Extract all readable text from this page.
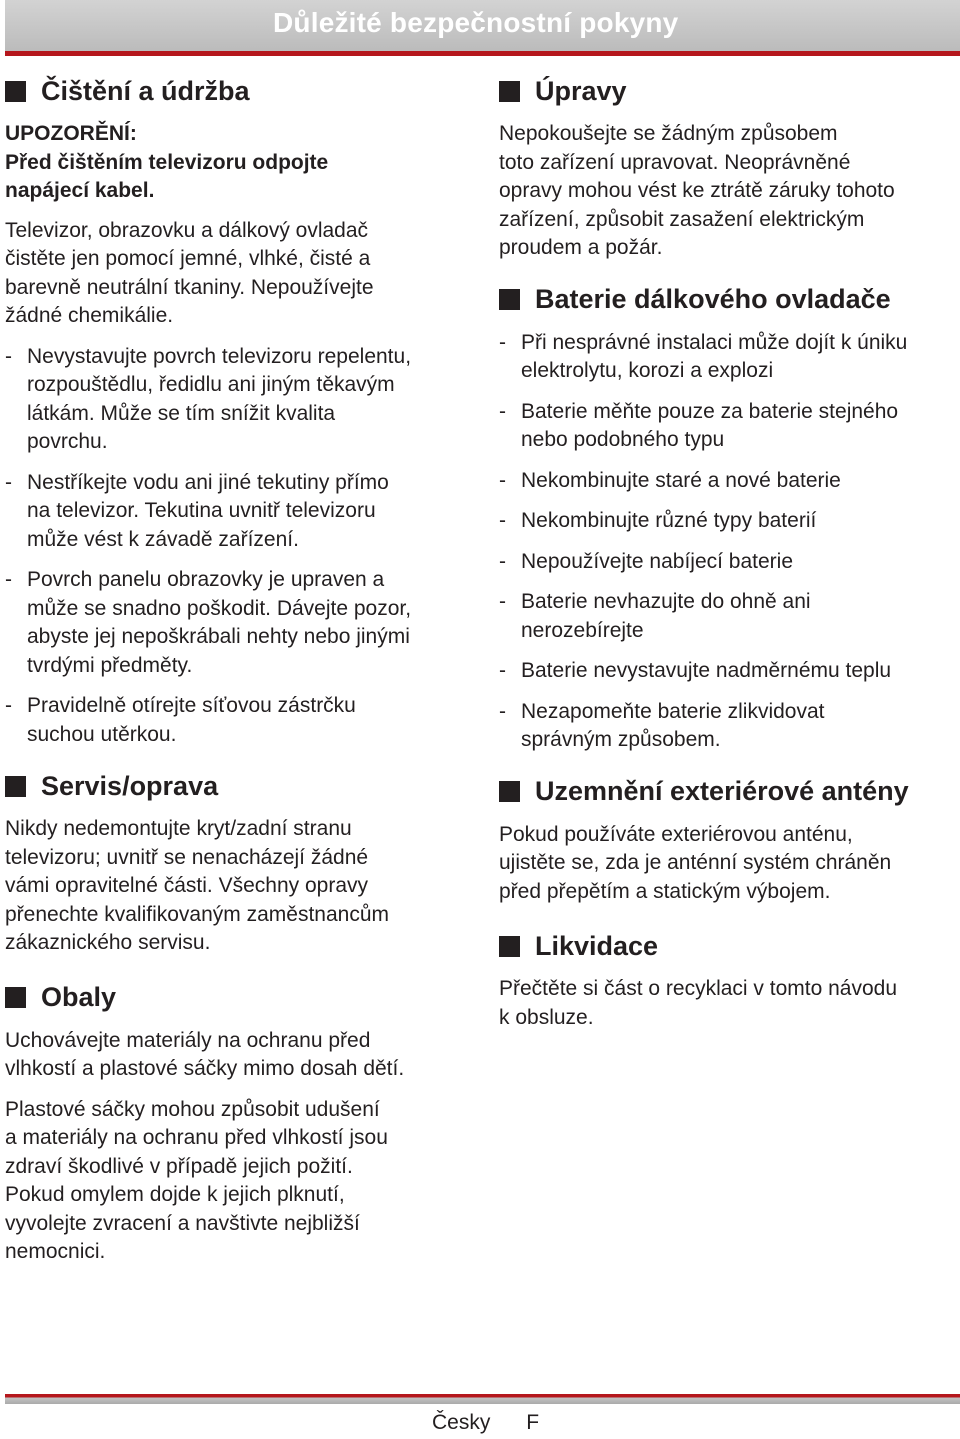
Důležité bezpečnostní pokyny
Čištění a údržba

UPOZORĚNÍ:

Před čištěním televizoru odpojte

napájecí kabel.

Televizor, obrazovku a dálkový ovladač

čistěte jen pomocí jemné, vlhké, čisté a

barevně neutrální tkaniny. Nepoužívejte

žádné chemikálie.

- Nevystavujte povrch televizoru repelentu,
rozpouštědlu, ředidlu ani jiným těkavým
látkám. Může se tím snížit kvalita
povrchu.
- Nestříkejte vodu ani jiné tekutiny přímo
na televizor. Tekutina uvnitř televizoru
může vést k závadě zařízení.
- Povrch panelu obrazovky je upraven a
může se snadno poškodit. Dávejte pozor,
abyste jej nepoškrábali nehty nebo jinými
tvrdými předměty.
- Pravidelně otírejte síťovou zástrčku
suchou utěrkou.
Servis/oprava

Nikdy nedemontujte kryt/zadní stranu

televizoru; uvnitř se nenacházejí žádné

vámi opravitelné části. Všechny opravy

přenechte kvalifikovaným zaměstnancům

zákaznického servisu.

Obaly

Uchovávejte materiály na ochranu před

vlhkostí a plastové sáčky mimo dosah dětí.

Plastové sáčky mohou způsobit udušení

a materiály na ochranu před vlhkostí jsou

zdraví škodlivé v případě jejich požití.

Pokud omylem dojde k jejich plknutí,

vyvolejte zvracení a navštivte nejbližší

nemocnici.

Úpravy

Nepokoušejte se žádným způsobem

toto zařízení upravovat. Neoprávněné

opravy mohou vést ke ztrátě záruky tohoto

zařízení, způsobit zasažení elektrickým

proudem a požár.

Baterie dálkového ovladače
- Při nesprávné instalaci může dojít k úniku
elektrolytu, korozi a explozi
- Baterie měňte pouze za baterie stejného
nebo podobného typu
- Nekombinujte staré a nové baterie
- Nekombinujte různé typy baterií
- Nepoužívejte nabíjecí baterie
- Baterie nevhazujte do ohně ani
nerozebírejte
- Baterie nevystavujte nadměrnému teplu
- Nezapomeňte baterie zlikvidovat
správným způsobem.
Uzemnění exteriérové antény

Pokud používáte exteriérovou anténu,

ujistěte se, zda je anténní systém chráněn

před přepětím a statickým výbojem.

Likvidace

Přečtěte si část o recyklaci v tomto návodu

k obsluze.

Česky F
